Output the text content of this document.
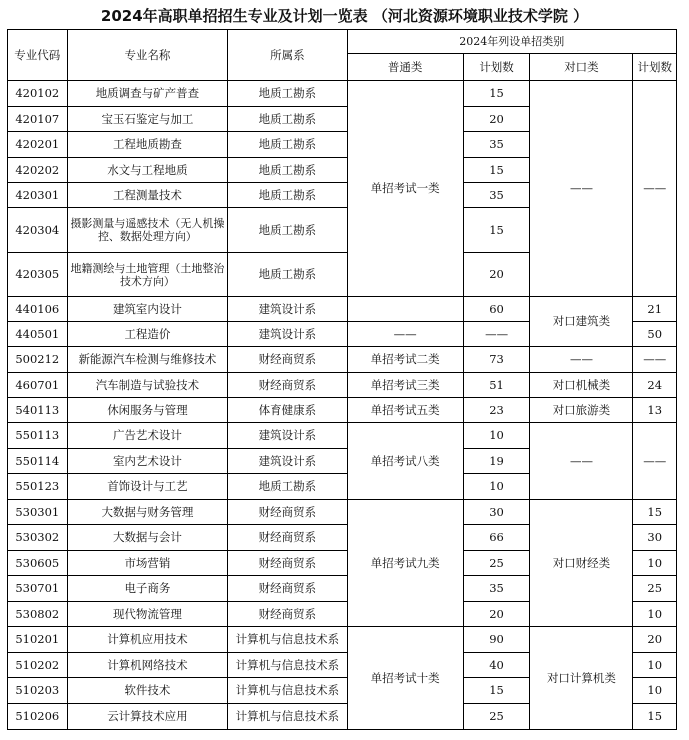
2024年高职单招招生专业及计划一览表 （河北资源环境职业技术学院 ）
专业代码	专业名称	所属系	2024年列设单招类别			
			普通类	计划数	对口类	计划数
420102	地质调查与矿产普查	地质工勘系	单招考试一类	15	——	——
420107	宝玉石鉴定与加工	地质工勘系		20		
420201	工程地质勘查	地质工勘系		35		
420202	水文与工程地质	地质工勘系		15		
420301	工程测量技术	地质工勘系		35		
420304	摄影测量与遥感技术（无人机操控、数据处理方向）	地质工勘系		15		
420305	地籍测绘与土地管理（土地整治技术方向）	地质工勘系		20		
440106	建筑室内设计	建筑设计系		60	对口建筑类	21
440501	工程造价	建筑设计系	——	——		50
500212	新能源汽车检测与维修技术	财经商贸系	单招考试二类	73	——	——
460701	汽车制造与试验技术	财经商贸系	单招考试三类	51	对口机械类	24
540113	休闲服务与管理	体育健康系	单招考试五类	23	对口旅游类	13
550113	广告艺术设计	建筑设计系	单招考试八类	10	——	——
550114	室内艺术设计	建筑设计系		19		
550123	首饰设计与工艺	地质工勘系		10		
530301	大数据与财务管理	财经商贸系	单招考试九类	30	对口财经类	15
530302	大数据与会计	财经商贸系		66		30
530605	市场营销	财经商贸系		25		10
530701	电子商务	财经商贸系		35		25
530802	现代物流管理	财经商贸系		20		10
510201	计算机应用技术	计算机与信息技术系	单招考试十类	90	对口计算机类	20
510202	计算机网络技术	计算机与信息技术系		40		10
510203	软件技术	计算机与信息技术系		15		10
510206	云计算技术应用	计算机与信息技术系		25		15
